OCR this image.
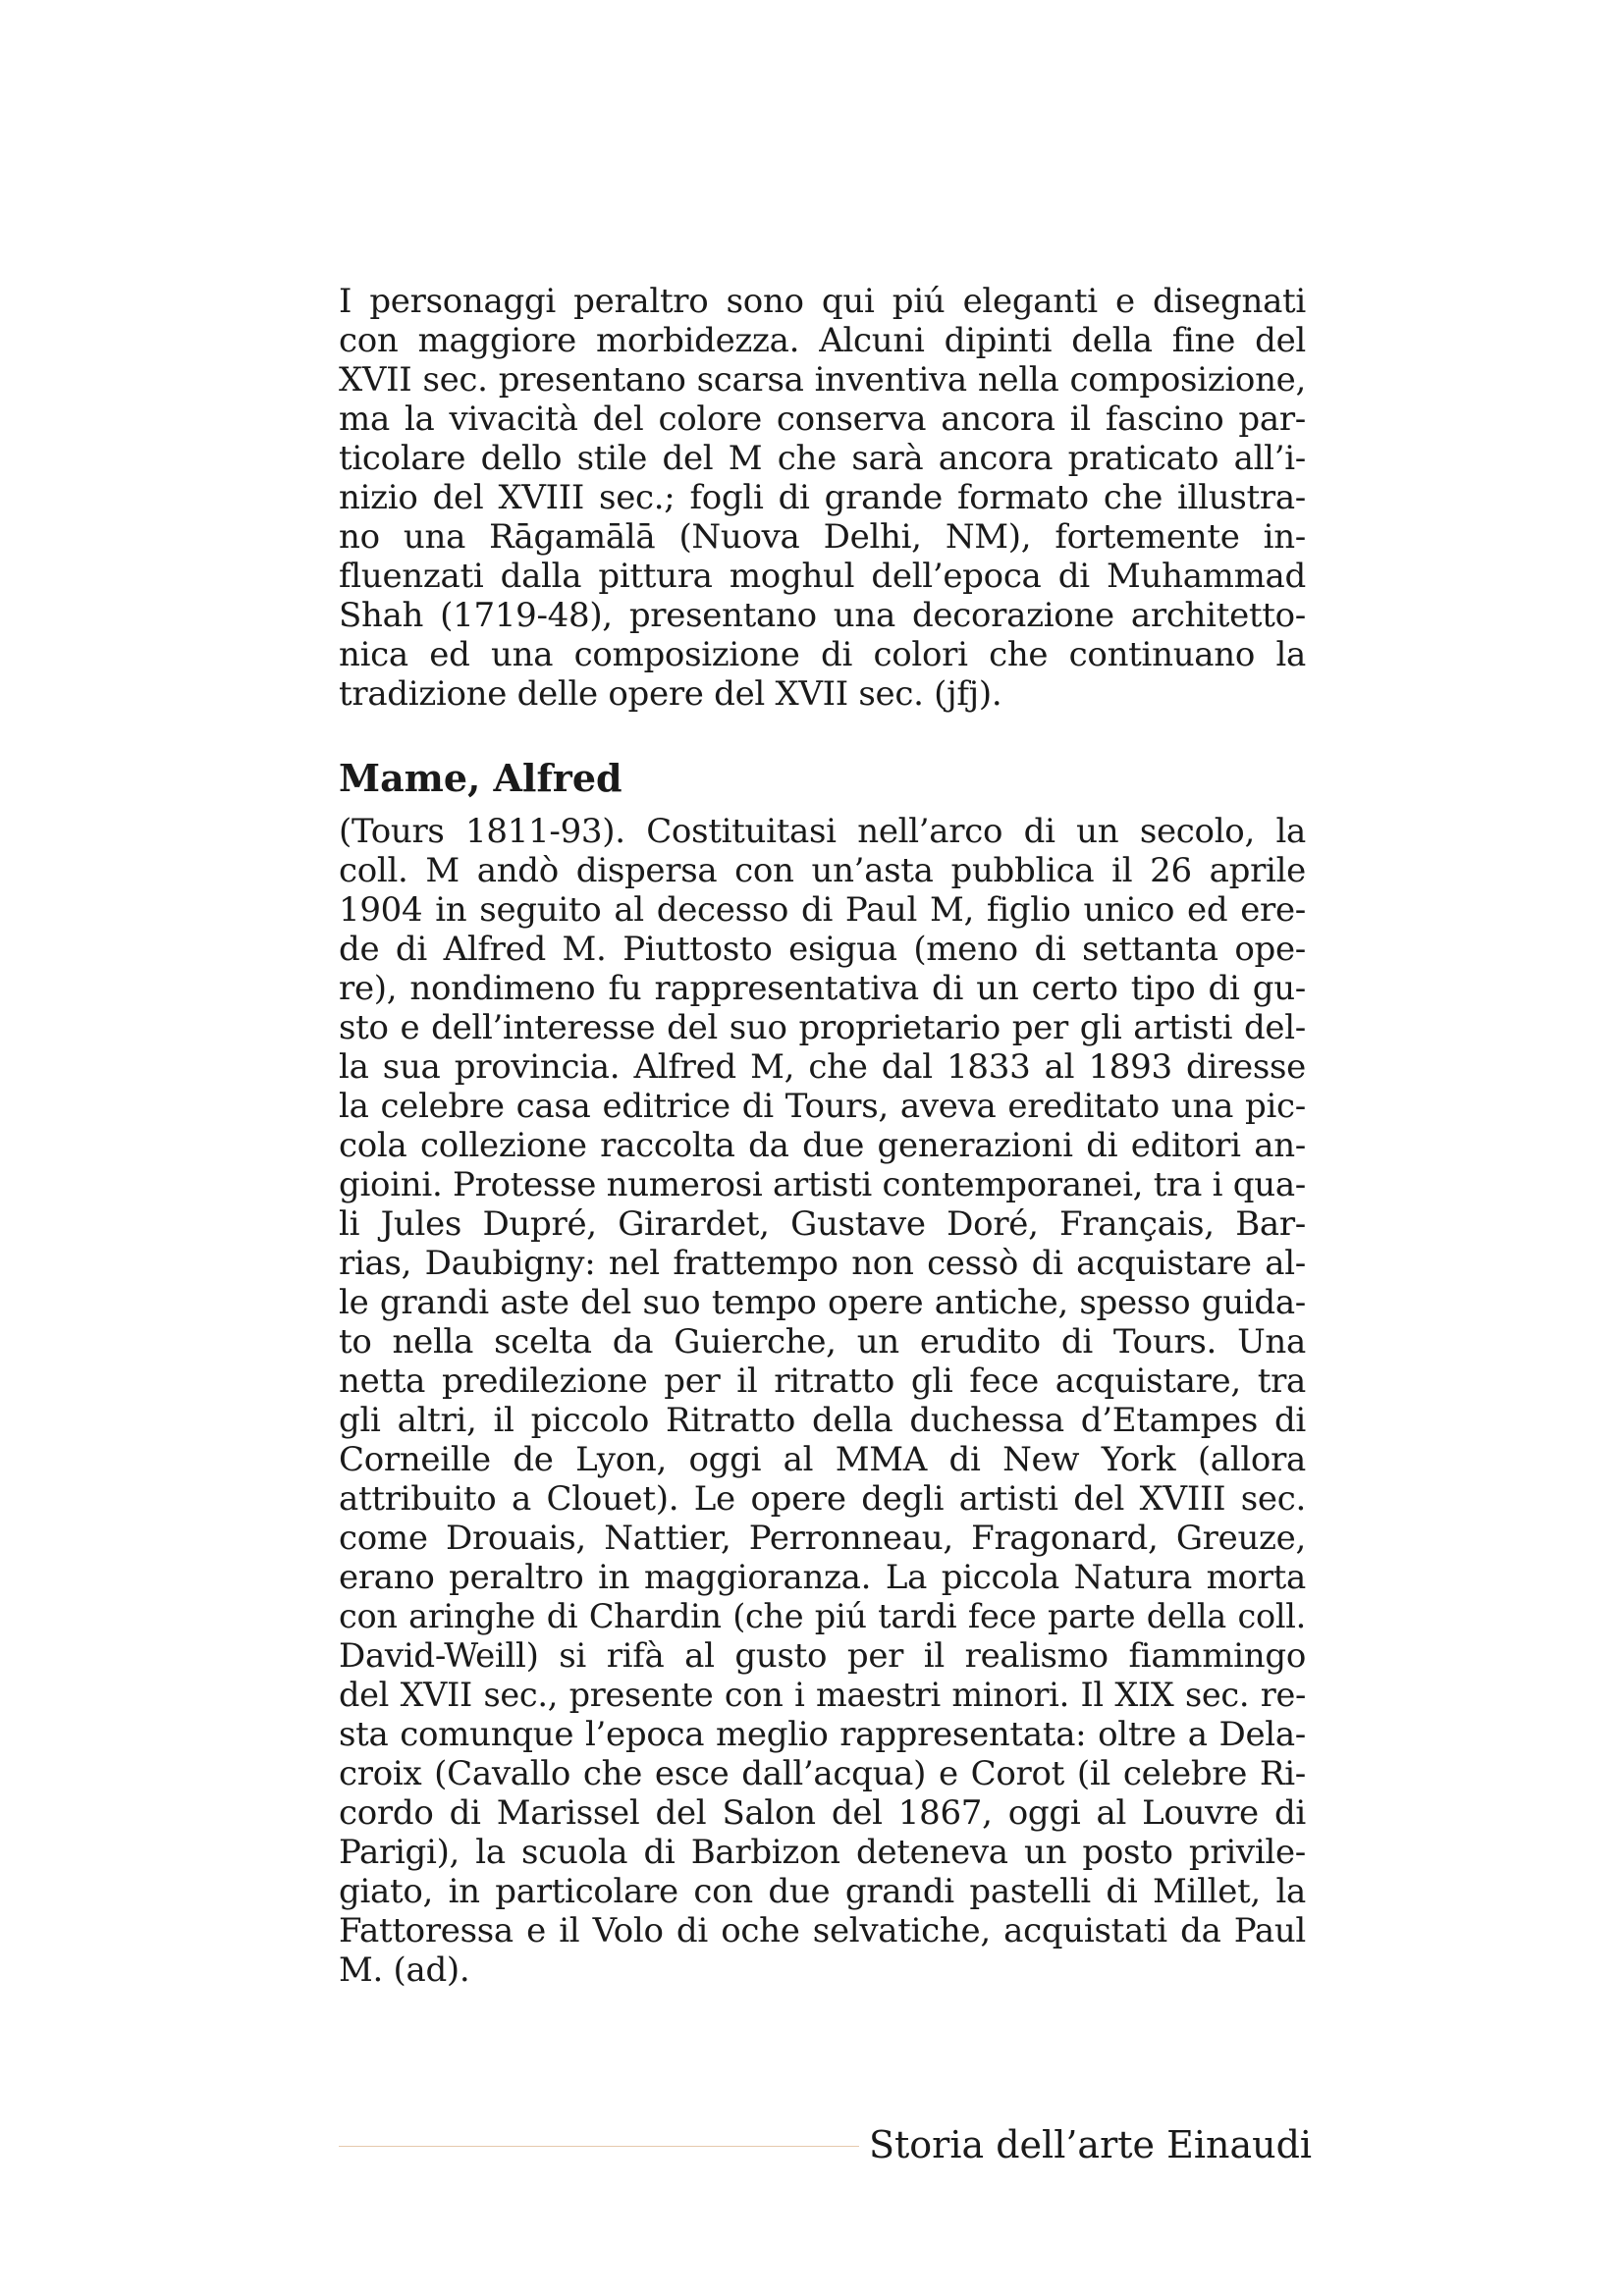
I personaggi peraltro sono qui piú eleganti e disegnati
con maggiore morbidezza. Alcuni dipinti della fine del
XVII sec. presentano scarsa inventiva nella composizione,
ma la vivacità del colore conserva ancora il fascino par-
ticolare dello stile del M che sarà ancora praticato all’i-
nizio del XVIII sec.; fogli di grande formato che illustra-
no una Rāgamālā (Nuova Delhi, NM), fortemente in-
fluenzati dalla pittura moghul dell’epoca di Muhammad
Shah (1719-48), presentano una decorazione architetto-
nica ed una composizione di colori che continuano la
tradizione delle opere del XVII sec. (jfj).
Mame, Alfred
(Tours 1811-93). Costituitasi nell’arco di un secolo, la
coll. M andò dispersa con un’asta pubblica il 26 aprile
1904 in seguito al decesso di Paul M, figlio unico ed ere-
de di Alfred M. Piuttosto esigua (meno di settanta ope-
re), nondimeno fu rappresentativa di un certo tipo di gu-
sto e dell’interesse del suo proprietario per gli artisti del-
la sua provincia. Alfred M, che dal 1833 al 1893 diresse
la celebre casa editrice di Tours, aveva ereditato una pic-
cola collezione raccolta da due generazioni di editori an-
gioini. Protesse numerosi artisti contemporanei, tra i qua-
li Jules Dupré, Girardet, Gustave Doré, Français, Bar-
rias, Daubigny: nel frattempo non cessò di acquistare al-
le grandi aste del suo tempo opere antiche, spesso guida-
to nella scelta da Guierche, un erudito di Tours. Una
netta predilezione per il ritratto gli fece acquistare, tra
gli altri, il piccolo Ritratto della duchessa d’Etampes di
Corneille de Lyon, oggi al MMA di New York (allora
attribuito a Clouet). Le opere degli artisti del XVIII sec.
come Drouais, Nattier, Perronneau, Fragonard, Greuze,
erano peraltro in maggioranza. La piccola Natura morta
con aringhe di Chardin (che piú tardi fece parte della coll.
David-Weill) si rifà al gusto per il realismo fiammingo
del XVII sec., presente con i maestri minori. Il XIX sec. re-
sta comunque l’epoca meglio rappresentata: oltre a Dela-
croix (Cavallo che esce dall’acqua) e Corot (il celebre Ri-
cordo di Marissel del Salon del 1867, oggi al Louvre di
Parigi), la scuola di Barbizon deteneva un posto privile-
giato, in particolare con due grandi pastelli di Millet, la
Fattoressa e il Volo di oche selvatiche, acquistati da Paul
M. (ad).
Storia dell’arte Einaudi
